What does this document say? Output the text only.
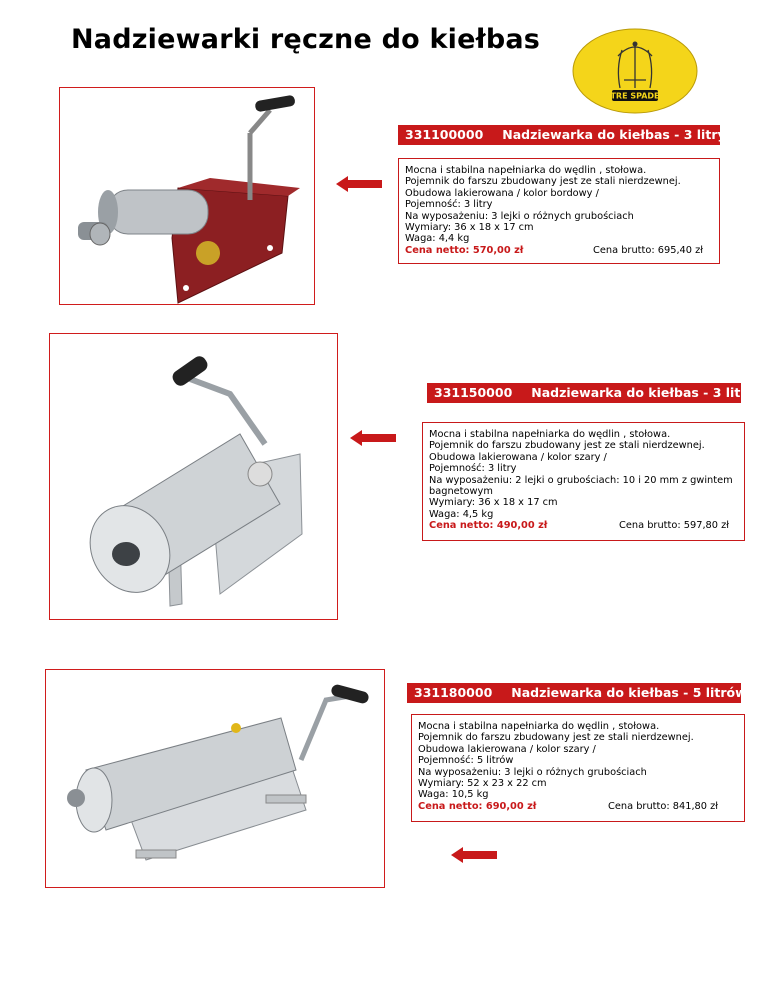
Nadziewarki ręczne do kiełbas
TRE SPADE
331100000 Nadziewarka do kiełbas - 3 litry
Mocna i stabilna napełniarka do wędlin , stołowa.
Pojemnik do farszu zbudowany jest ze stali nierdzewnej.
Obudowa lakierowana / kolor bordowy /
Pojemność: 3 litry
Na wyposażeniu: 3 lejki o różnych grubościach
Wymiary: 36 x 18 x 17 cm
Waga: 4,4 kg
Cena netto: 570,00 zł	Cena brutto: 695,40 zł
331150000 Nadziewarka do kiełbas - 3 litry
Mocna i stabilna napełniarka do wędlin , stołowa.
Pojemnik do farszu zbudowany jest ze stali nierdzewnej.
Obudowa lakierowana / kolor szary /
Pojemność: 3 litry
Na wyposażeniu: 2 lejki o grubościach: 10 i 20 mm z gwintem bagnetowym
Wymiary: 36 x 18 x 17 cm
Waga: 4,5 kg
Cena netto: 490,00 zł	Cena brutto: 597,80 zł
331180000 Nadziewarka do kiełbas - 5 litrów
Mocna i stabilna napełniarka do wędlin , stołowa.
Pojemnik do farszu zbudowany jest ze stali nierdzewnej.
Obudowa lakierowana / kolor szary /
Pojemność: 5 litrów
Na wyposażeniu: 3 lejki o różnych grubościach
Wymiary: 52 x 23 x 22 cm
Waga: 10,5 kg
Cena netto: 690,00 zł	Cena brutto: 841,80 zł
